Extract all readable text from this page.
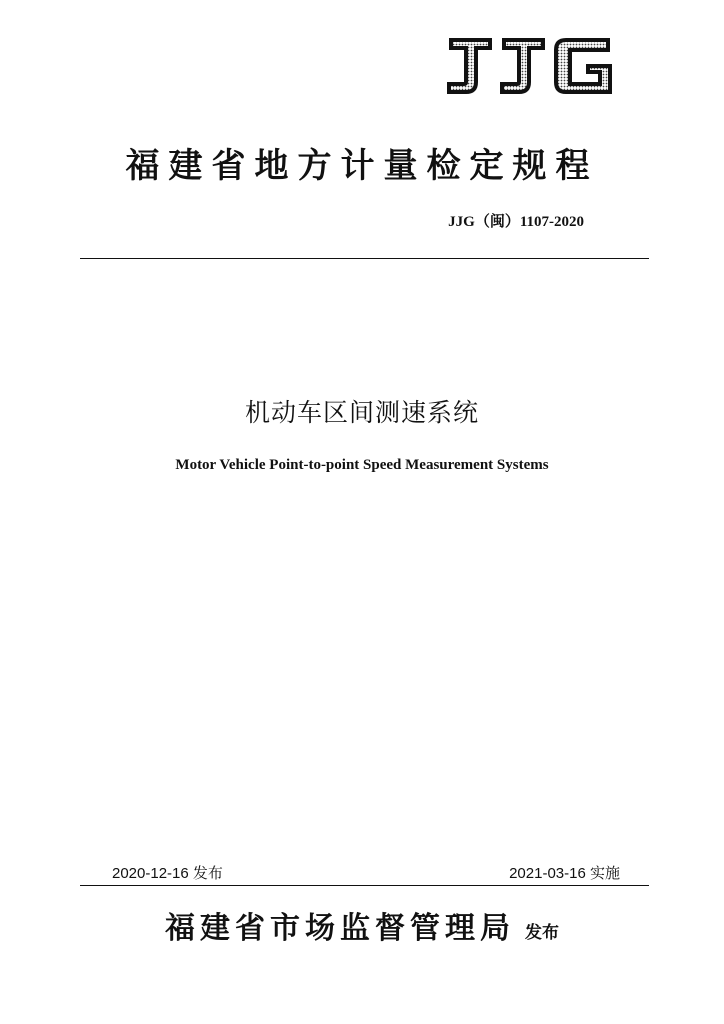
福建省地方计量检定规程
JJG（闽）1107-2020
机动车区间测速系统
Motor Vehicle Point-to-point Speed Measurement Systems
2020-12-16 发布	2021-03-16 实施
福建省市场监督管理局 发布
